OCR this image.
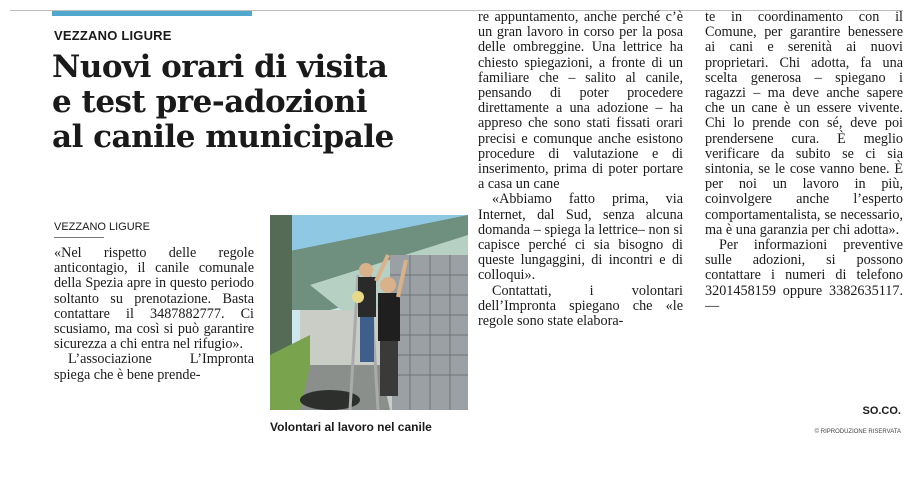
VEZZANO LIGURE
Nuovi orari di visita
e test pre-adozioni
al canile municipale
VEZZANO LIGURE

«Nel rispetto delle regole anticontagio, il canile comunale della Spezia apre in questo periodo soltanto su prenotazione. Basta contattare il 3487882777. Ci scusiamo, ma così si può garantire sicurezza a chi entra nel rifugio».

L’associazione L’Impronta spiega che è bene prende-

Volontari al lavoro nel canile

re appuntamento, anche perché c’è un gran lavoro in corso per la posa delle ombreggine. Una lettrice ha chiesto spiegazioni, a fronte di un familiare che – salito al canile, pensando di poter procedere direttamente a una adozione – ha appreso che sono stati fissati orari precisi e comunque anche esistono procedure di valutazione e di inserimento, prima di poter portare a casa un cane

«Abbiamo fatto prima, via Internet, dal Sud, senza alcuna domanda – spiega la lettrice– non si capisce perché ci sia bisogno di queste lungaggini, di incontri e di colloqui».

Contattati, i volontari dell’Impronta spiegano che «le regole sono state elabora-

te in coordinamento con il Comune, per garantire benessere ai cani e serenità ai nuovi proprietari. Chi adotta, fa una scelta generosa – spiegano i ragazzi – ma deve anche sapere che un cane è un essere vivente. Chi lo prende con sé, deve poi prendersene cura. È meglio verificare da subito se ci sia sintonia, se le cose vanno bene. È per noi un lavoro in più, coinvolgere anche l’esperto comportamentalista, se necessario, ma è una garanzia per chi adotta».

Per informazioni preventive sulle adozioni, si possono contattare i numeri di telefono 3201458159 oppure 3382635117. —

SO.CO.
© RIPRODUZIONE RISERVATA
